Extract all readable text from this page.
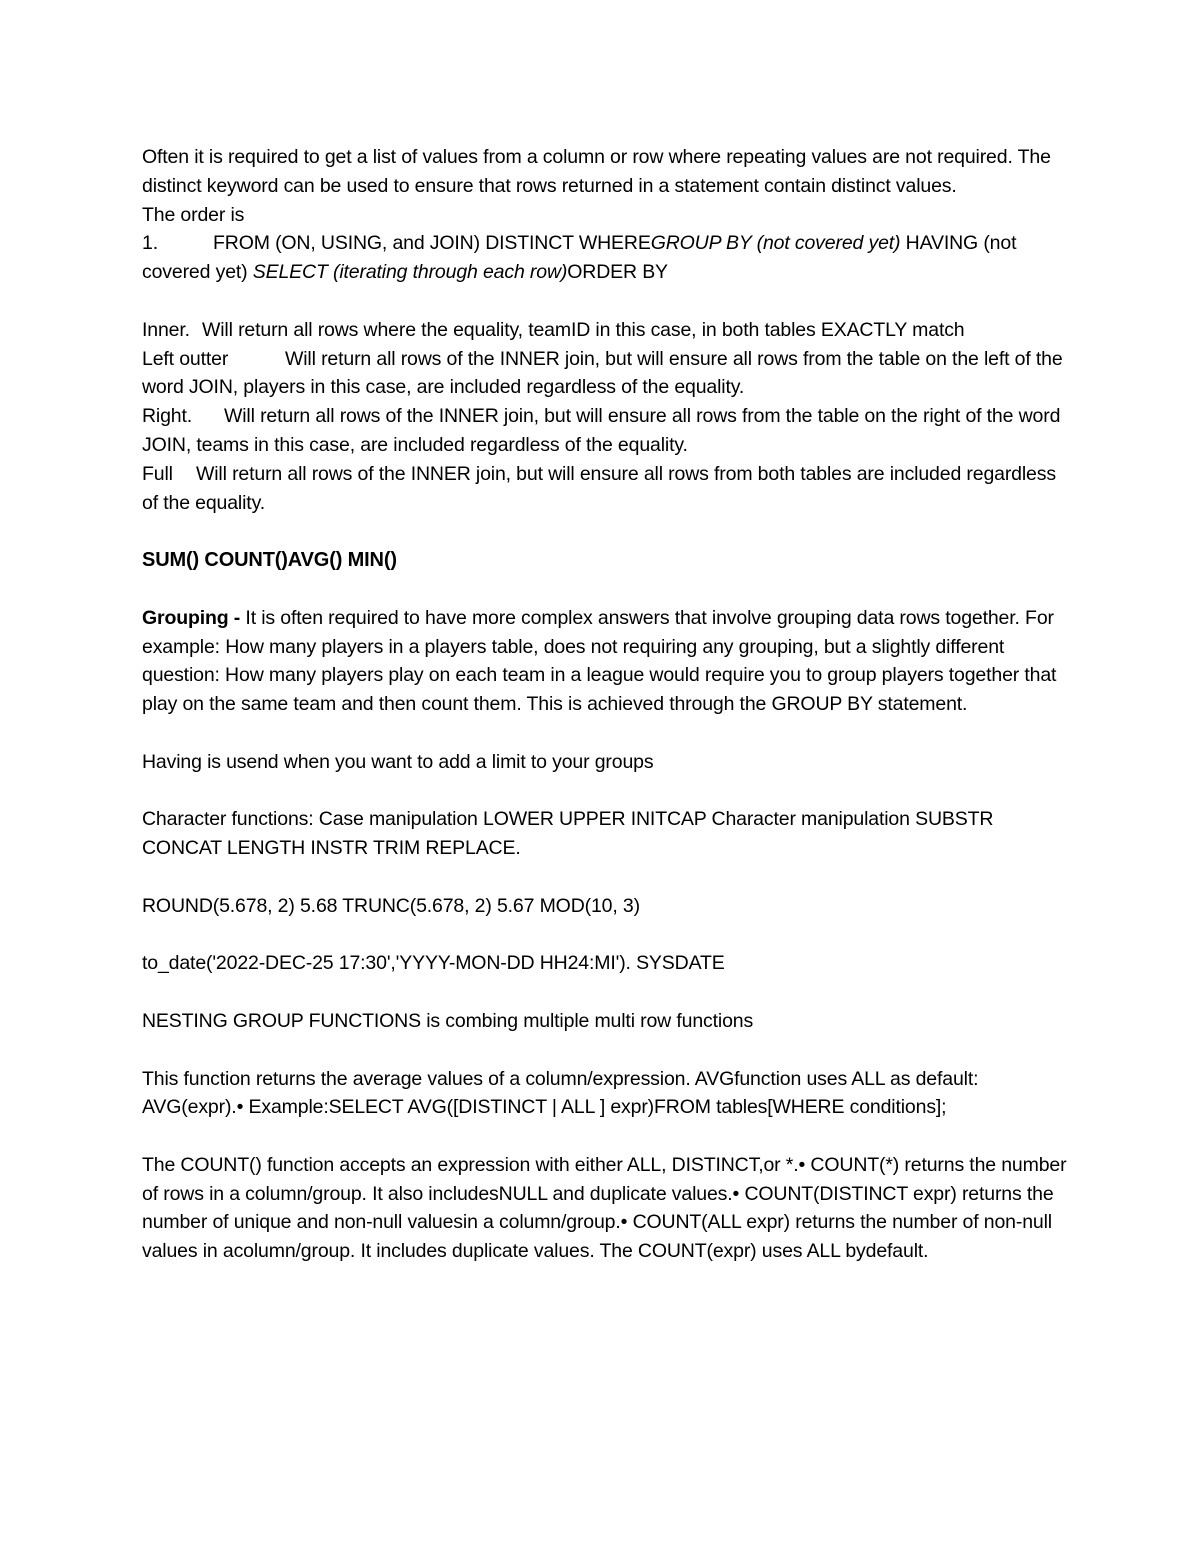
Often it is required to get a list of values from a column or row where repeating values are not required. The distinct keyword can be used to ensure that rows returned in a statement contain distinct values.

The order is

1.	FROM (ON, USING, and JOIN) DISTINCT WHEREGROUP BY (not covered yet) HAVING (not covered yet) SELECT (iterating through each row)ORDER BY

Inner. Will return all rows where the equality, teamID in this case, in both tables EXACTLY match

Left outter	Will return all rows of the INNER join, but will ensure all rows from the table on the left of the word JOIN, players in this case, are included regardless of the equality.

Right. Will return all rows of the INNER join, but will ensure all rows from the table on the right of the word JOIN, teams in this case, are included regardless of the equality.

Full Will return all rows of the INNER join, but will ensure all rows from both tables are included regardless of the equality.

SUM() COUNT()AVG() MIN()

Grouping - It is often required to have more complex answers that involve grouping data rows together. For example: How many players in a players table, does not requiring any grouping, but a slightly different question: How many players play on each team in a league would require you to group players together that play on the same team and then count them. This is achieved through the GROUP BY statement.

Having is usend when you want to add a limit to your groups

Character functions: Case manipulation LOWER UPPER INITCAP Character manipulation SUBSTR CONCAT LENGTH INSTR TRIM REPLACE.

ROUND(5.678, 2) 5.68 TRUNC(5.678, 2) 5.67 MOD(10, 3)

to_date('2022-DEC-25 17:30','YYYY-MON-DD HH24:MI'). SYSDATE

NESTING GROUP FUNCTIONS is combing multiple multi row functions

This function returns the average values of a column/expression. AVGfunction uses ALL as default: AVG(expr).• Example:SELECT AVG([DISTINCT | ALL ] expr)FROM tables[WHERE conditions];

The COUNT() function accepts an expression with either ALL, DISTINCT,or *.• COUNT(*) returns the number of rows in a column/group. It also includesNULL and duplicate values.• COUNT(DISTINCT expr) returns the number of unique and non-null valuesin a column/group.• COUNT(ALL expr) returns the number of non-null values in acolumn/group. It includes duplicate values. The COUNT(expr) uses ALL bydefault.
